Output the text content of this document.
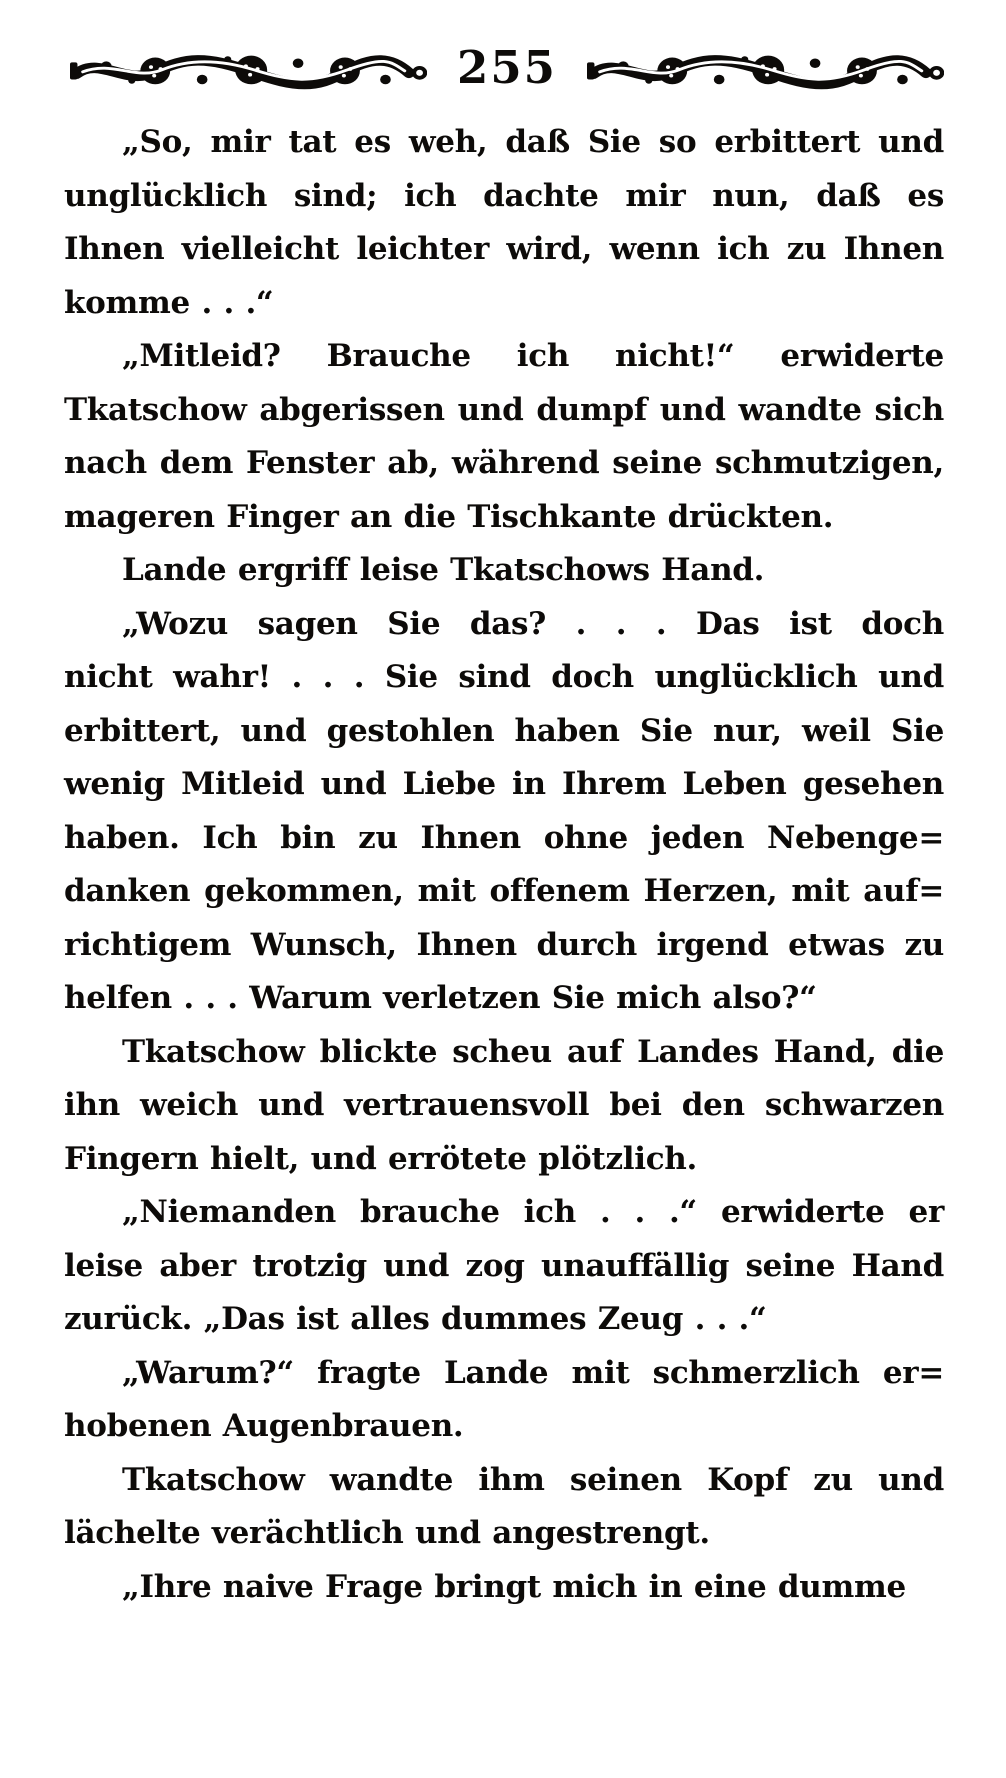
255

„So, mir tat es weh, daß Sie so erbittert und
unglücklich sind; ich dachte mir nun, daß es
Ihnen vielleicht leichter wird, wenn ich zu Ihnen
komme . . .“

„Mitleid? Brauche ich nicht!“ erwiderte
Tkatschow abgerissen und dumpf und wandte sich
nach dem Fenster ab, während seine schmutzigen,
mageren Finger an die Tischkante drückten.

Lande ergriff leise Tkatschows Hand.

„Wozu sagen Sie das? . . . Das ist doch
nicht wahr! . . . Sie sind doch unglücklich und
erbittert, und gestohlen haben Sie nur, weil Sie
wenig Mitleid und Liebe in Ihrem Leben gesehen
haben. Ich bin zu Ihnen ohne jeden Nebenge=
danken gekommen, mit offenem Herzen, mit auf=
richtigem Wunsch, Ihnen durch irgend etwas zu
helfen . . . Warum verletzen Sie mich also?“

Tkatschow blickte scheu auf Landes Hand, die
ihn weich und vertrauensvoll bei den schwarzen
Fingern hielt, und errötete plötzlich.

„Niemanden brauche ich . . .“ erwiderte er
leise aber trotzig und zog unauffällig seine Hand
zurück. „Das ist alles dummes Zeug . . .“

„Warum?“ fragte Lande mit schmerzlich er=
hobenen Augenbrauen.

Tkatschow wandte ihm seinen Kopf zu und
lächelte verächtlich und angestrengt.

„Ihre naive Frage bringt mich in eine dumme
